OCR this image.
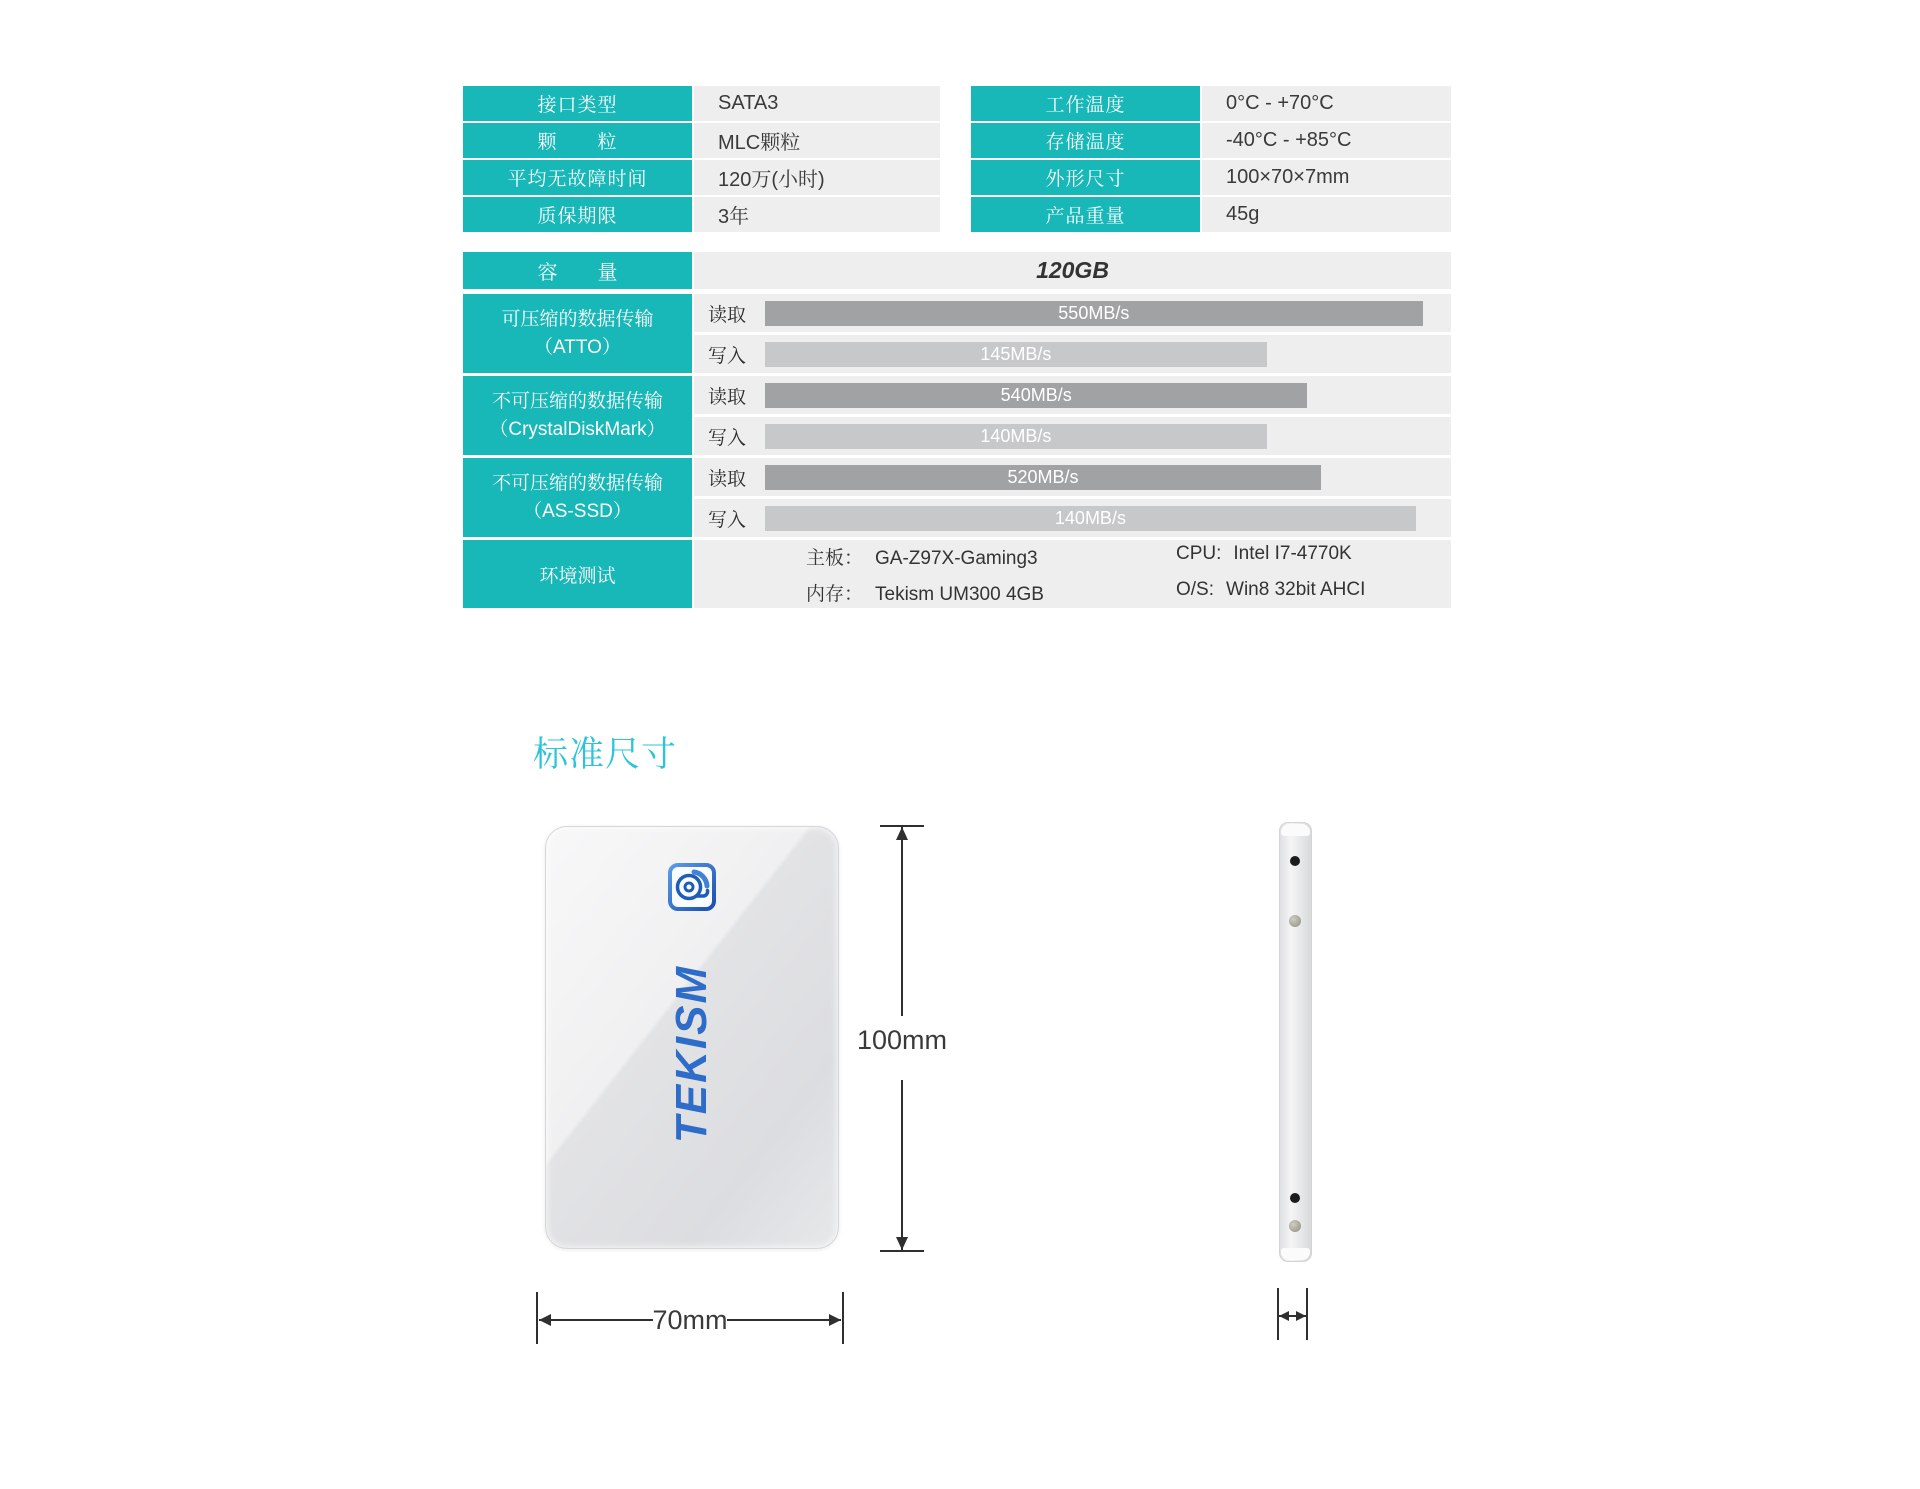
接口类型	SATA3
颗　　粒	MLC颗粒
平均无故障时间	120万(小时)
质保期限	3年
工作温度	0°C - +70°C
存储温度	-40°C - +85°C
外形尺寸	100×70×7mm
产品重量	45g
容　　量	120GB
可压缩的数据传输
（ATTO）
读取	550MB/s
写入	145MB/s
不可压缩的数据传输
（CrystalDiskMark）
读取	540MB/s
写入	140MB/s
不可压缩的数据传输
（AS-SSD）
读取	520MB/s
写入	140MB/s
环境测试
主板： GA-Z97X-Gaming3	CPU: Intel I7-4770K
内存： Tekism UM300 4GB	O/S: Win8 32bit AHCI
标准尺寸
TEKISM	100mm
70mm
